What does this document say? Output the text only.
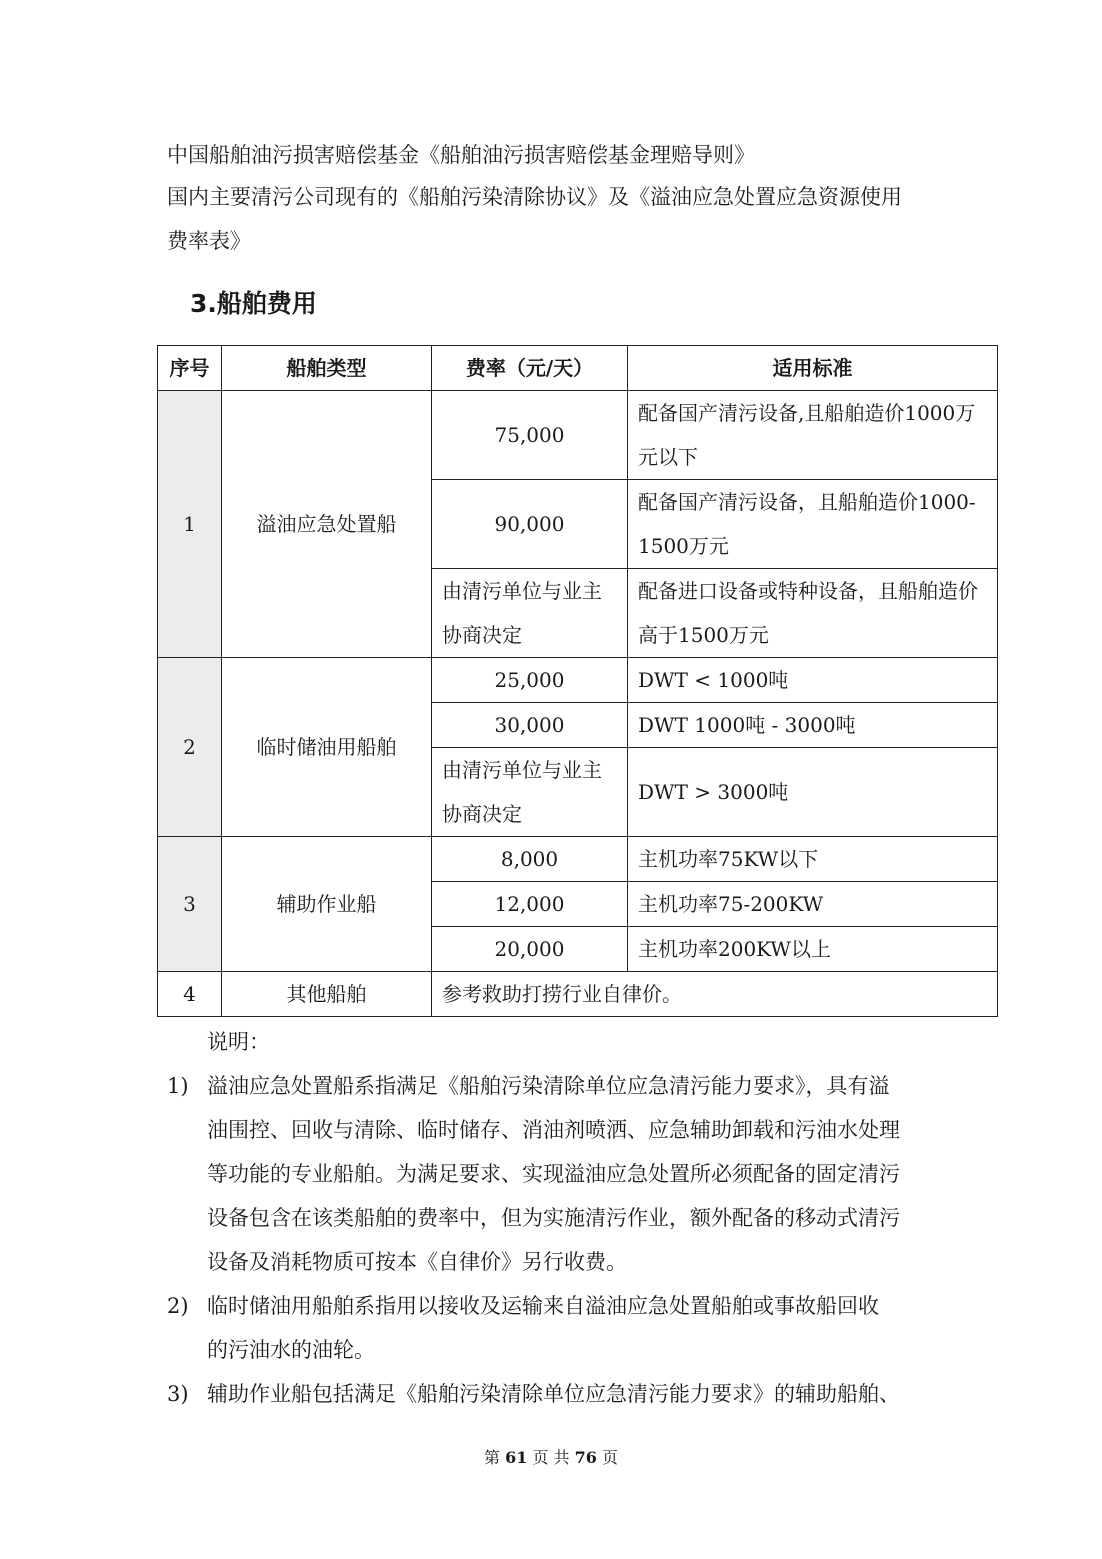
中国船舶油污损害赔偿基金《船舶油污损害赔偿基金理赔导则》
国内主要清污公司现有的《船舶污染清除协议》及《溢油应急处置应急资源使用
费率表》
3.船舶费用
序号	船舶类型	费率（元/天）	适用标准
1	溢油应急处置船	75,000	配备国产清污设备,且船舶造价1000万元以下
		90,000	配备国产清污设备，且船舶造价1000-1500万元
		由清污单位与业主协商决定	配备进口设备或特种设备，且船舶造价高于1500万元
2	临时储油用船舶	25,000	DWT < 1000吨
		30,000	DWT 1000吨 - 3000吨
		由清污单位与业主协商决定	DWT > 3000吨
3	辅助作业船	8,000	主机功率75KW以下
		12,000	主机功率75-200KW
		20,000	主机功率200KW以上
4	其他船舶	参考救助打捞行业自律价。	
说明：
1) 溢油应急处置船系指满足《船舶污染清除单位应急清污能力要求》，具有溢
油围控、回收与清除、临时储存、消油剂喷洒、应急辅助卸载和污油水处理
等功能的专业船舶。为满足要求、实现溢油应急处置所必须配备的固定清污
设备包含在该类船舶的费率中，但为实施清污作业，额外配备的移动式清污
设备及消耗物质可按本《自律价》另行收费。
2) 临时储油用船舶系指用以接收及运输来自溢油应急处置船舶或事故船回收
的污油水的油轮。
3) 辅助作业船包括满足《船舶污染清除单位应急清污能力要求》的辅助船舶、
第 61 页 共 76 页
